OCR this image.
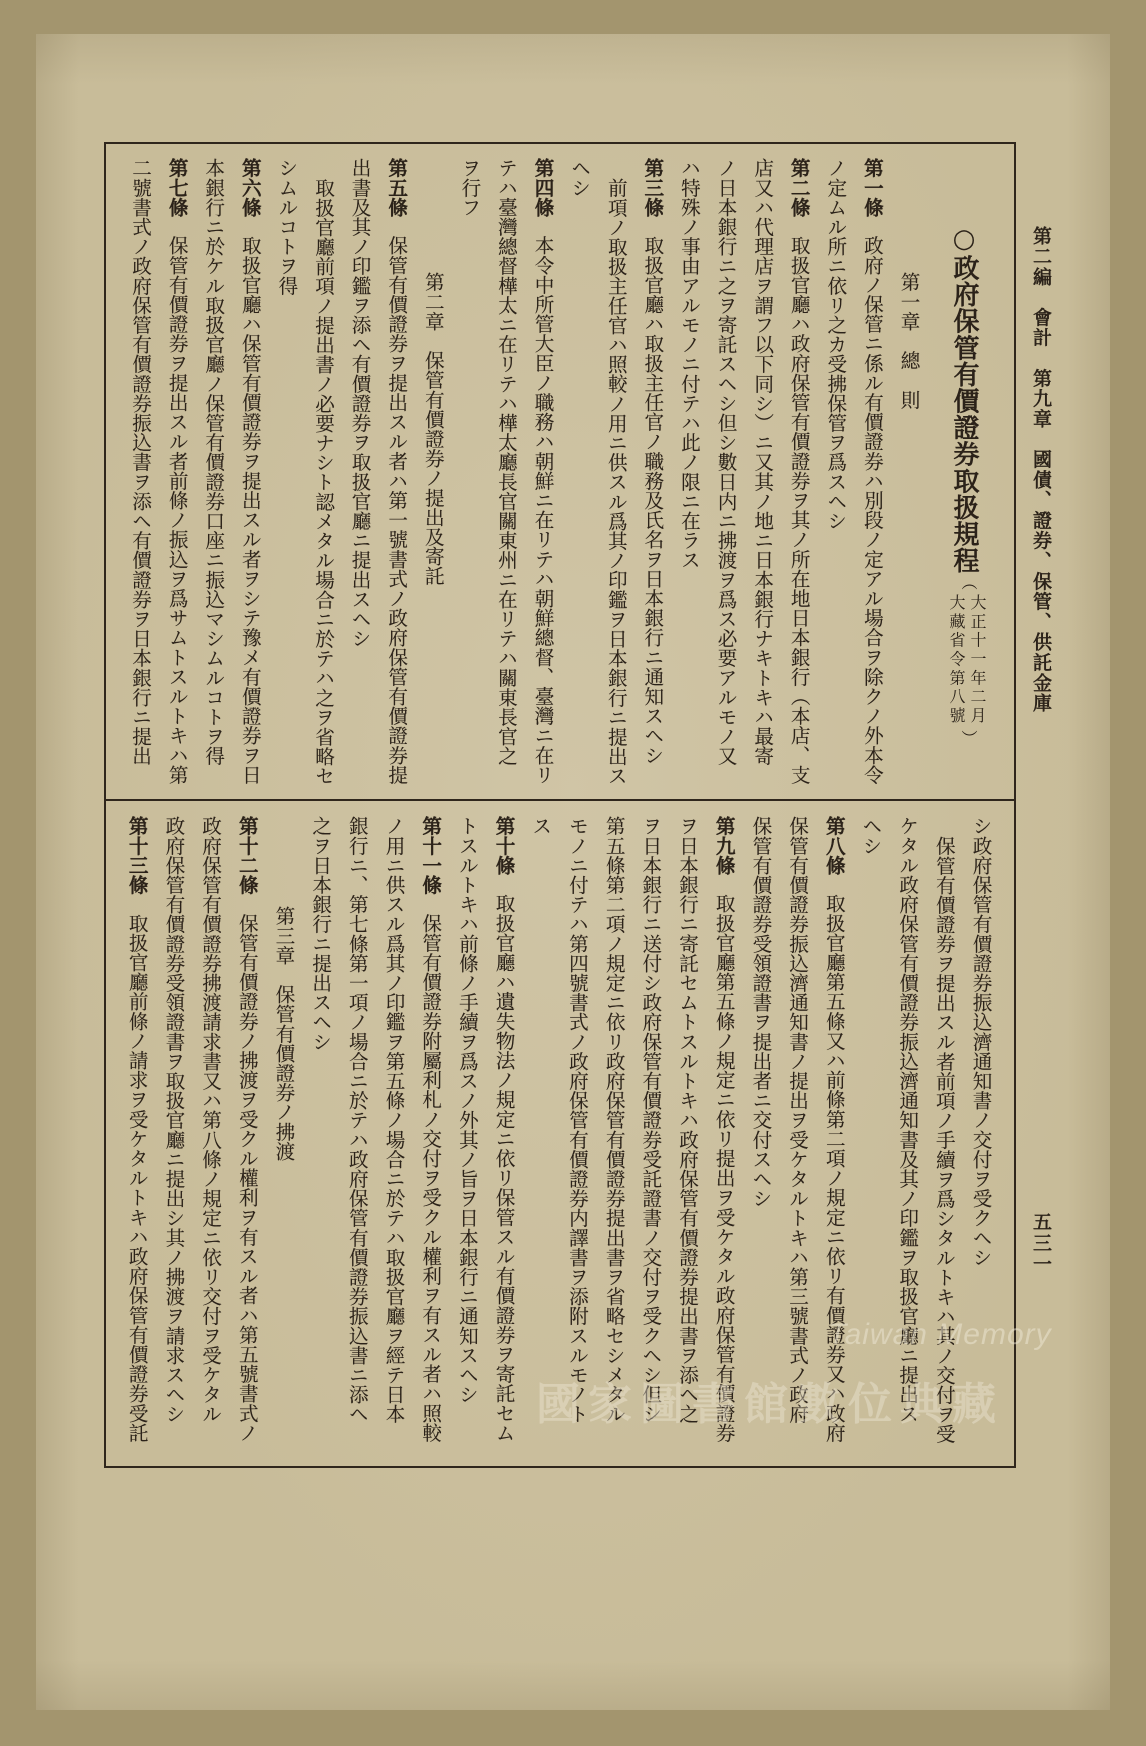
第二編　會計　第九章　國債、證券、保管、供託金庫
五三一
○政府保管有價證券取扱規程
（
大正十一年二月
大藏省令第八號
）
第一章　總　則
第一條政府ノ保管ニ係ル有價證券ハ別段ノ定アル場合ヲ除クノ外本令
ノ定ムル所ニ依リ之カ受拂保管ヲ爲スヘシ
第二條取扱官廳ハ政府保管有價證券ヲ其ノ所在地日本銀行（本店、支
店又ハ代理店ヲ謂フ以下同シ）ニ又其ノ地ニ日本銀行ナキトキハ最寄
ノ日本銀行ニ之ヲ寄託スヘシ但シ數日内ニ拂渡ヲ爲ス必要アルモノ又
ハ特殊ノ事由アルモノニ付テハ此ノ限ニ在ラス
第三條取扱官廳ハ取扱主任官ノ職務及氏名ヲ日本銀行ニ通知スヘシ
前項ノ取扱主任官ハ照較ノ用ニ供スル爲其ノ印鑑ヲ日本銀行ニ提出ス
ヘシ
第四條本令中所管大臣ノ職務ハ朝鮮ニ在リテハ朝鮮總督、臺灣ニ在リ
テハ臺灣總督樺太ニ在リテハ樺太廳長官關東州ニ在リテハ關東長官之
ヲ行フ
第二章　保管有價證券ノ提出及寄託
第五條保管有價證券ヲ提出スル者ハ第一號書式ノ政府保管有價證券提
出書及其ノ印鑑ヲ添ヘ有價證券ヲ取扱官廳ニ提出スヘシ
取扱官廳前項ノ提出書ノ必要ナシト認メタル場合ニ於テハ之ヲ省略セ
シムルコトヲ得
第六條取扱官廳ハ保管有價證券ヲ提出スル者ヲシテ豫メ有價證券ヲ日
本銀行ニ於ケル取扱官廳ノ保管有價證券口座ニ振込マシムルコトヲ得
第七條保管有價證券ヲ提出スル者前條ノ振込ヲ爲サムトスルトキハ第
二號書式ノ政府保管有價證券振込書ヲ添ヘ有價證券ヲ日本銀行ニ提出
シ政府保管有價證券振込濟通知書ノ交付ヲ受クヘシ
保管有價證券ヲ提出スル者前項ノ手續ヲ爲シタルトキハ其ノ交付ヲ受
ケタル政府保管有價證券振込濟通知書及其ノ印鑑ヲ取扱官廳ニ提出ス
ヘシ
第八條取扱官廳第五條又ハ前條第二項ノ規定ニ依リ有價證券又ハ政府
保管有價證券振込濟通知書ノ提出ヲ受ケタルトキハ第三號書式ノ政府
保管有價證券受領證書ヲ提出者ニ交付スヘシ
第九條取扱官廳第五條ノ規定ニ依リ提出ヲ受ケタル政府保管有價證券
ヲ日本銀行ニ寄託セムトスルトキハ政府保管有價證券提出書ヲ添ヘ之
ヲ日本銀行ニ送付シ政府保管有價證券受託證書ノ交付ヲ受クヘシ但シ
第五條第二項ノ規定ニ依リ政府保管有價證券提出書ヲ省略セシメタル
モノニ付テハ第四號書式ノ政府保管有價證券内譯書ヲ添附スルモノト
ス
第十條取扱官廳ハ遺失物法ノ規定ニ依リ保管スル有價證券ヲ寄託セム
トスルトキハ前條ノ手續ヲ爲スノ外其ノ旨ヲ日本銀行ニ通知スヘシ
第十一條保管有價證券附屬利札ノ交付ヲ受クル權利ヲ有スル者ハ照較
ノ用ニ供スル爲其ノ印鑑ヲ第五條ノ場合ニ於テハ取扱官廳ヲ經テ日本
銀行ニ、第七條第一項ノ場合ニ於テハ政府保管有價證券振込書ニ添ヘ
之ヲ日本銀行ニ提出スヘシ
第三章　保管有價證券ノ拂渡
第十二條保管有價證券ノ拂渡ヲ受クル權利ヲ有スル者ハ第五號書式ノ
政府保管有價證券拂渡請求書又ハ第八條ノ規定ニ依リ交付ヲ受ケタル
政府保管有價證券受領證書ヲ取扱官廳ニ提出シ其ノ拂渡ヲ請求スヘシ
第十三條取扱官廳前條ノ請求ヲ受ケタルトキハ政府保管有價證券受託	Taiwan Memory
國家圖書館數位典藏
